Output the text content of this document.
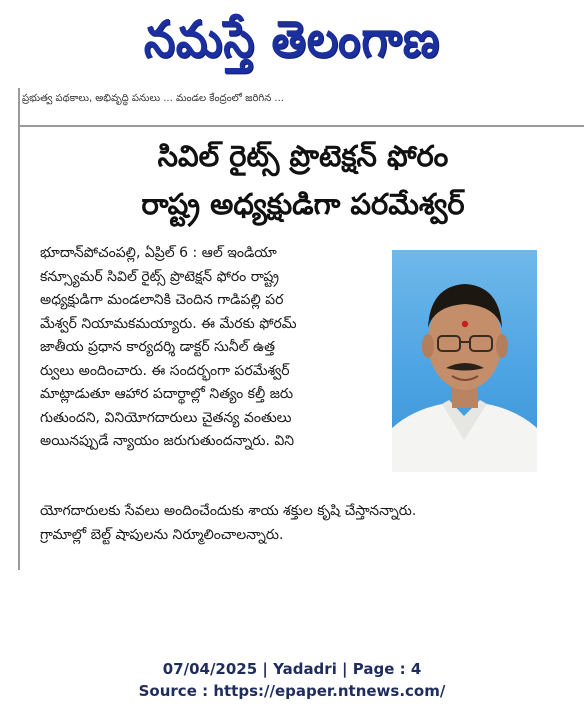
నమస్తే తెలంగాణ
ప్రభుత్వ పథకాలు, అభివృద్ధి పనులు ... మండల కేంద్రంలో జరిగిన ...
సివిల్ రైట్స్ ప్రొటెక్షన్ ఫోరం
రాష్ట్ర అధ్యక్షుడిగా పరమేశ్వర్
భూదాన్‌పోచంపల్లి, ఏప్రిల్ 6 : ఆల్ ఇండియా
కన్స్యూమర్ సివిల్ రైట్స్ ప్రొటెక్షన్ ఫోరం రాష్ట్ర
అధ్యక్షుడిగా మండలానికి చెందిన గాడిపల్లి పర
మేశ్వర్ నియామకమయ్యారు. ఈ మేరకు ఫోరమ్
జాతీయ ప్రధాన కార్యదర్శి డాక్టర్ సునీల్ ఉత్త
ర్వులు అందించారు. ఈ సందర్భంగా పరమేశ్వర్
మాట్లాడుతూ ఆహార పదార్థాల్లో నిత్యం కల్తీ జరు
గుతుందని, వినియోగదారులు చైతన్య వంతులు
అయినప్పుడే న్యాయం జరుగుతుందన్నారు. విని
యోగదారులకు సేవలు అందించేందుకు శాయ శక్తుల కృషి చేస్తానన్నారు.
గ్రామాల్లో బెల్ట్ షాపులను నిర్మూలించాలన్నారు.
07/04/2025 | Yadadri | Page : 4
Source : https://epaper.ntnews.com/
